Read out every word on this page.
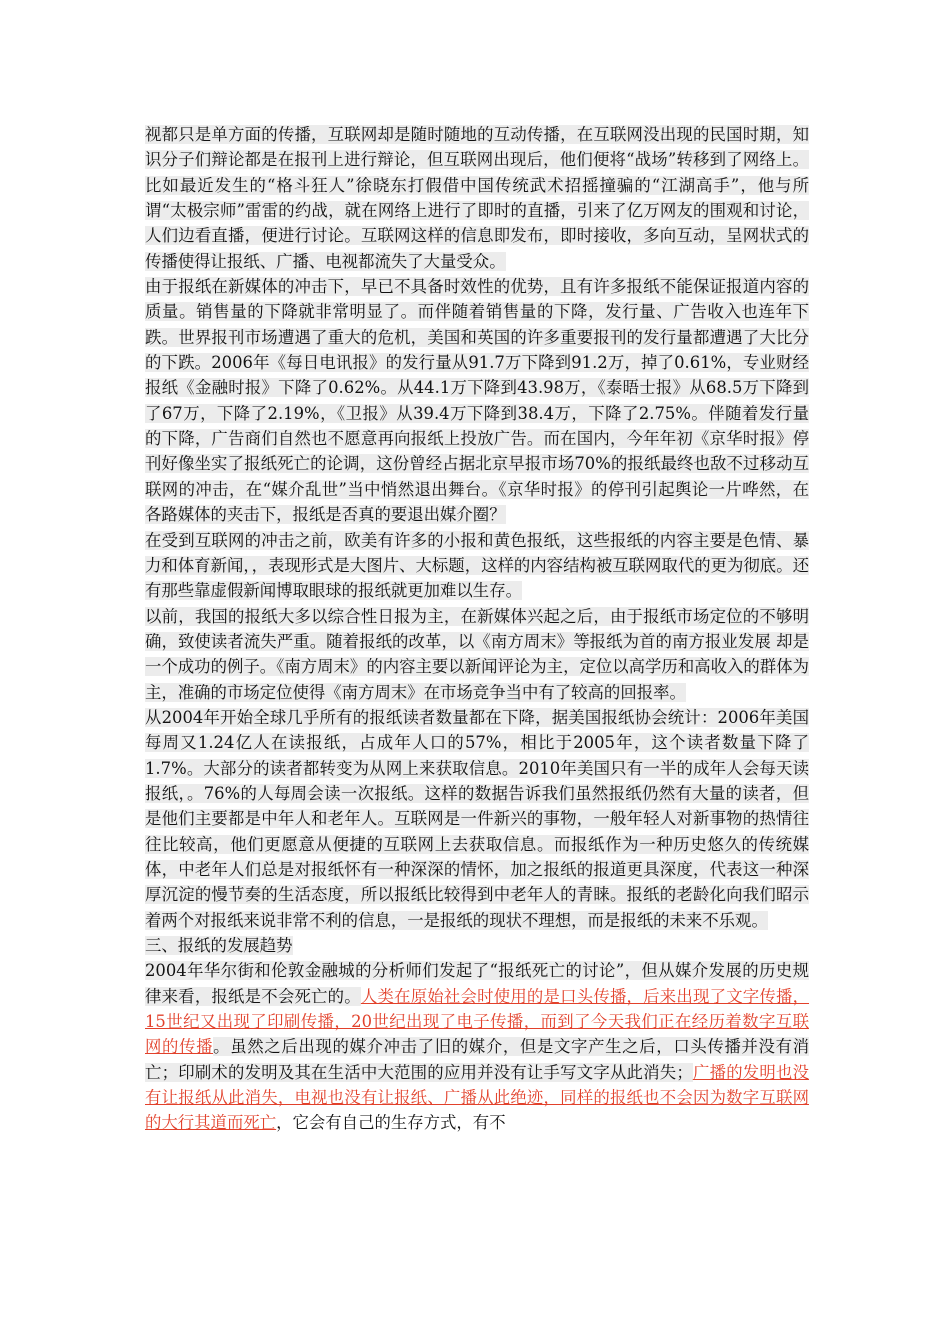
视都只是单方面的传播，互联网却是随时随地的互动传播，在互联网没出现的民国时期，知识分子们辩论都是在报刊上进行辩论，但互联网出现后，他们便将“战场”转移到了网络上。比如最近发生的“格斗狂人”徐晓东打假借中国传统武术招摇撞骗的“江湖高手”，他与所谓“太极宗师”雷雷的约战，就在网络上进行了即时的直播，引来了亿万网友的围观和讨论，人们边看直播，便进行讨论。互联网这样的信息即发布，即时接收，多向互动，呈网状式的传播使得让报纸、广播、电视都流失了大量受众。

由于报纸在新媒体的冲击下，早已不具备时效性的优势，且有许多报纸不能保证报道内容的质量。销售量的下降就非常明显了。而伴随着销售量的下降，发行量、广告收入也连年下跌。世界报刊市场遭遇了重大的危机，美国和英国的许多重要报刊的发行量都遭遇了大比分的下跌。2006年《每日电讯报》的发行量从91.7万下降到91.2万，掉了0.61%，专业财经报纸《金融时报》下降了0.62%。从44.1万下降到43.98万，《泰晤士报》从68.5万下降到了67万，下降了2.19%，《卫报》从39.4万下降到38.4万，下降了2.75%。伴随着发行量的下降，广告商们自然也不愿意再向报纸上投放广告。而在国内，今年年初《京华时报》停刊好像坐实了报纸死亡的论调，这份曾经占据北京早报市场70%的报纸最终也敌不过移动互联网的冲击，在“媒介乱世”当中悄然退出舞台。《京华时报》的停刊引起舆论一片哗然，在各路媒体的夹击下，报纸是否真的要退出媒介圈？

在受到互联网的冲击之前，欧美有许多的小报和黄色报纸，这些报纸的内容主要是色情、暴力和体育新闻，，表现形式是大图片、大标题，这样的内容结构被互联网取代的更为彻底。还有那些靠虚假新闻博取眼球的报纸就更加难以生存。

以前，我国的报纸大多以综合性日报为主，在新媒体兴起之后，由于报纸市场定位的不够明确，致使读者流失严重。随着报纸的改革，以《南方周末》等报纸为首的南方报业发展 却是一个成功的例子。《南方周末》的内容主要以新闻评论为主，定位以高学历和高收入的群体为主，准确的市场定位使得《南方周末》在市场竞争当中有了较高的回报率。

从2004年开始全球几乎所有的报纸读者数量都在下降，据美国报纸协会统计：2006年美国每周又1.24亿人在读报纸，占成年人口的57%，相比于2005年，这个读者数量下降了1.7%。大部分的读者都转变为从网上来获取信息。2010年美国只有一半的成年人会每天读报纸，。76%的人每周会读一次报纸。这样的数据告诉我们虽然报纸仍然有大量的读者，但是他们主要都是中年人和老年人。互联网是一件新兴的事物，一般年轻人对新事物的热情往往比较高，他们更愿意从便捷的互联网上去获取信息。而报纸作为一种历史悠久的传统媒体，中老年人们总是对报纸怀有一种深深的情怀，加之报纸的报道更具深度，代表这一种深厚沉淀的慢节奏的生活态度，所以报纸比较得到中老年人的青睐。报纸的老龄化向我们昭示着两个对报纸来说非常不利的信息，一是报纸的现状不理想，而是报纸的未来不乐观。

三、报纸的发展趋势

2004年华尔街和伦敦金融城的分析师们发起了“报纸死亡的讨论”，但从媒介发展的历史规律来看，报纸是不会死亡的。人类在原始社会时使用的是口头传播，后来出现了文字传播，15世纪又出现了印刷传播，20世纪出现了电子传播，而到了今天我们正在经历着数字互联网的传播。虽然之后出现的媒介冲击了旧的媒介，但是文字产生之后，口头传播并没有消亡；印刷术的发明及其在生活中大范围的应用并没有让手写文字从此消失；广播的发明也没有让报纸从此消失，电视也没有让报纸、广播从此绝迹，同样的报纸也不会因为数字互联网的大行其道而死亡，它会有自己的生存方式，有不
